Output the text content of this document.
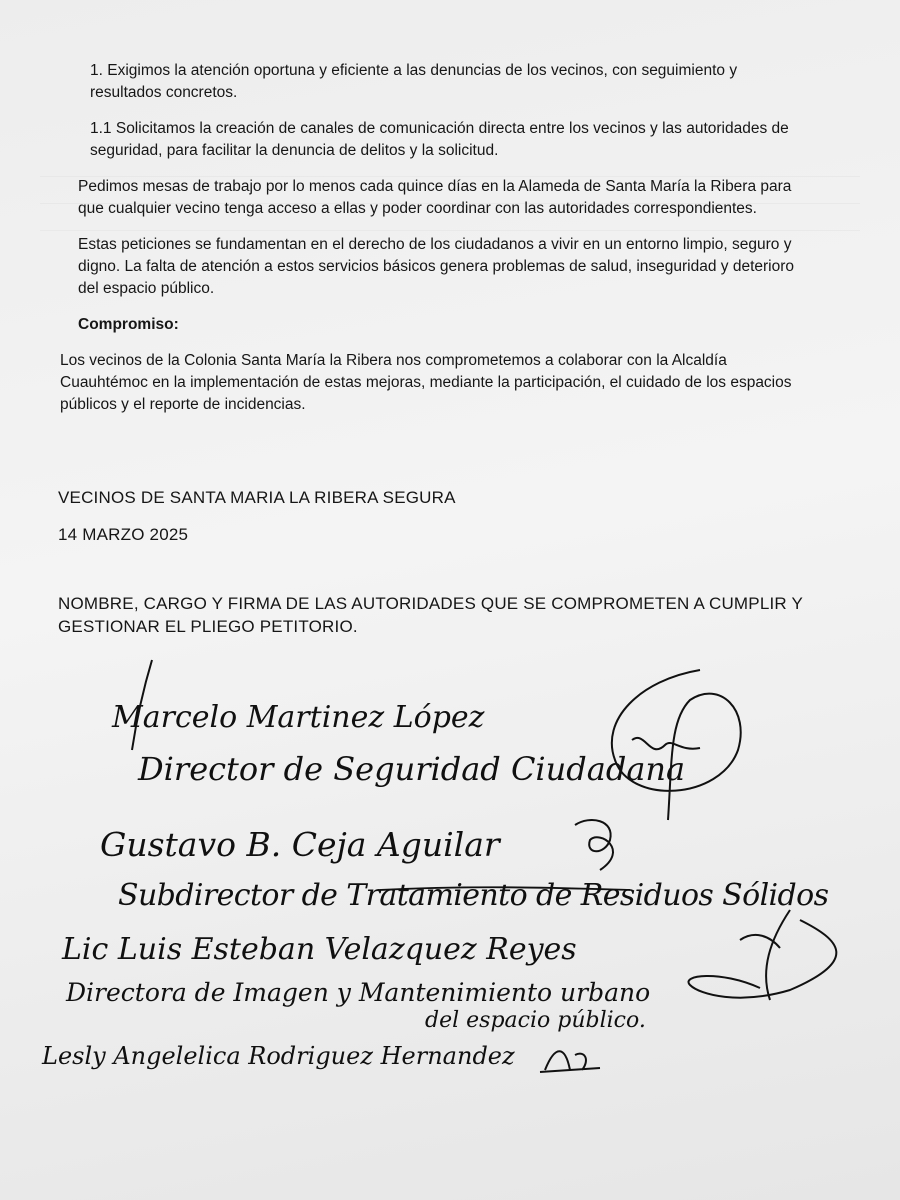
1. Exigimos la atención oportuna y eficiente a las denuncias de los vecinos, con seguimiento y resultados concretos.

1.1 Solicitamos la creación de canales de comunicación directa entre los vecinos y las autoridades de seguridad, para facilitar la denuncia de delitos y la solicitud.

Pedimos mesas de trabajo por lo menos cada quince días en la Alameda de Santa María la Ribera para que cualquier vecino tenga acceso a ellas y poder coordinar con las autoridades correspondientes.

Estas peticiones se fundamentan en el derecho de los ciudadanos a vivir en un entorno limpio, seguro y digno. La falta de atención a estos servicios básicos genera problemas de salud, inseguridad y deterioro del espacio público.

Compromiso:

Los vecinos de la Colonia Santa María la Ribera nos comprometemos a colaborar con la Alcaldía Cuauhtémoc en la implementación de estas mejoras, mediante la participación, el cuidado de los espacios públicos y el reporte de incidencias.

VECINOS DE SANTA MARIA LA RIBERA SEGURA
14 MARZO 2025
NOMBRE, CARGO Y FIRMA DE LAS AUTORIDADES QUE SE COMPROMETEN A CUMPLIR Y GESTIONAR EL PLIEGO PETITORIO.
Marcelo Martinez López
Director de Seguridad Ciudadana
Gustavo B. Ceja Aguilar
Subdirector de Tratamiento de Residuos Sólidos
Lic Luis Esteban Velazquez Reyes
Directora de Imagen y Mantenimiento urbano
del espacio público.
Lesly Angelelica Rodriguez Hernandez
